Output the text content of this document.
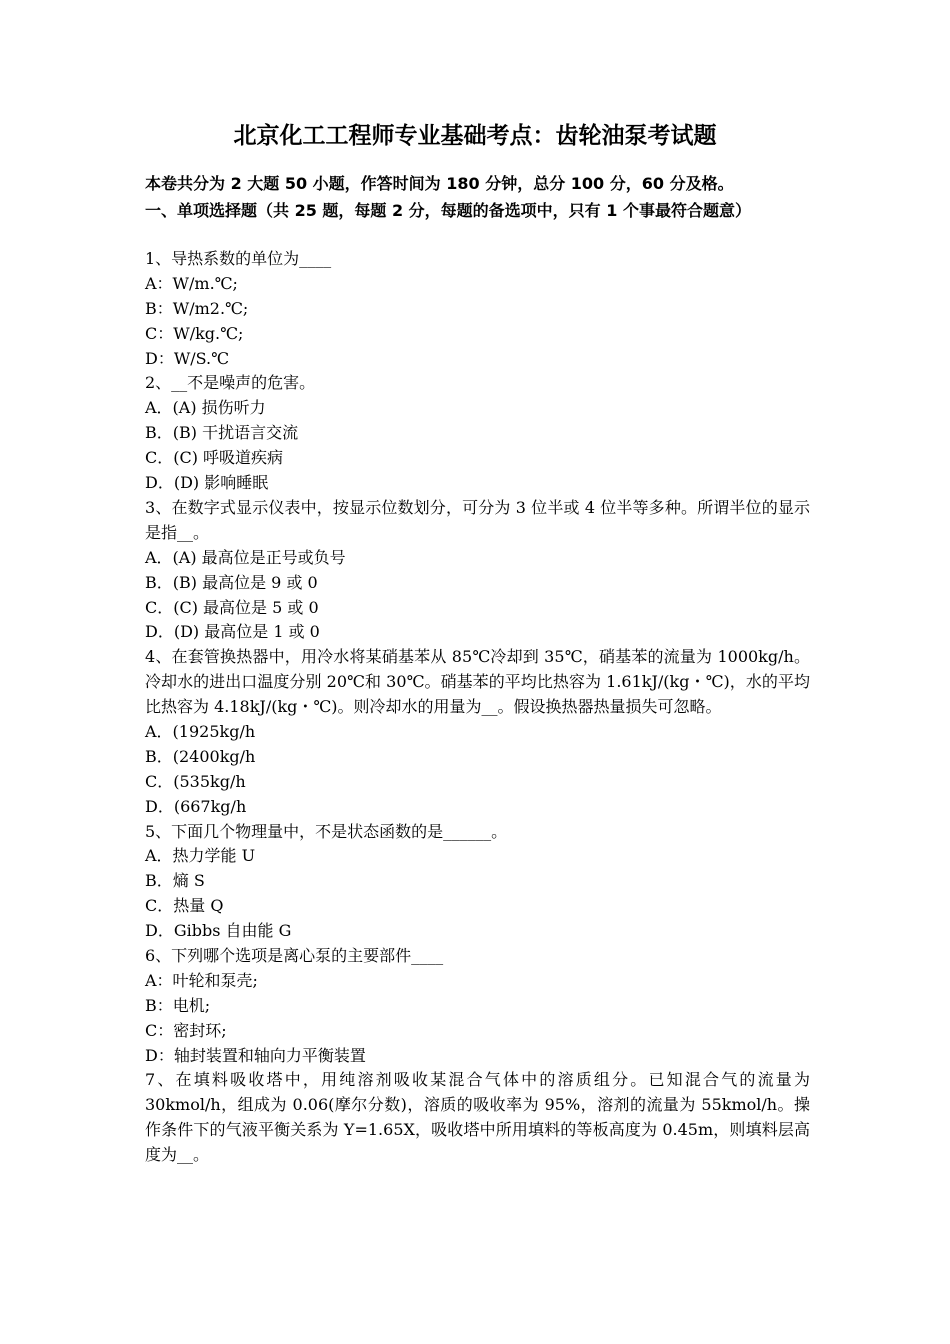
北京化工工程师专业基础考点：齿轮油泵考试题
本卷共分为 2 大题 50 小题，作答时间为 180 分钟，总分 100 分，60 分及格。
一、单项选择题（共 25 题，每题 2 分，每题的备选项中，只有 1 个事最符合题意）
1、导热系数的单位为____
A：W/m.℃;
B：W/m2.℃;
C：W/kg.℃;
D：W/S.℃
2、__不是噪声的危害。
A．(A) 损伤听力
B．(B) 干扰语言交流
C．(C) 呼吸道疾病
D．(D) 影响睡眠
3、在数字式显示仪表中，按显示位数划分，可分为 3 位半或 4 位半等多种。所谓半位的显示是指__。
A．(A) 最高位是正号或负号
B．(B) 最高位是 9 或 0
C．(C) 最高位是 5 或 0
D．(D) 最高位是 1 或 0
4、在套管换热器中，用冷水将某硝基苯从 85℃冷却到 35℃，硝基苯的流量为 1000kg/h。冷却水的进出口温度分别 20℃和 30℃。硝基苯的平均比热容为 1.61kJ/(kg・℃)，水的平均比热容为 4.18kJ/(kg・℃)。则冷却水的用量为__。假设换热器热量损失可忽略。
A．(1925kg/h
B．(2400kg/h
C．(535kg/h
D．(667kg/h
5、下面几个物理量中，不是状态函数的是______。
A．热力学能 U
B．熵 S
C．热量 Q
D．Gibbs 自由能 G
6、下列哪个选项是离心泵的主要部件____
A：叶轮和泵壳;
B：电机;
C：密封环;
D：轴封装置和轴向力平衡装置
7、在填料吸收塔中，用纯溶剂吸收某混合气体中的溶质组分。已知混合气的流量为 30kmol/h，组成为 0.06(摩尔分数)，溶质的吸收率为 95%，溶剂的流量为 55kmol/h。操作条件下的气液平衡关系为 Y=1.65X，吸收塔中所用填料的等板高度为 0.45m，则填料层高度为__。
